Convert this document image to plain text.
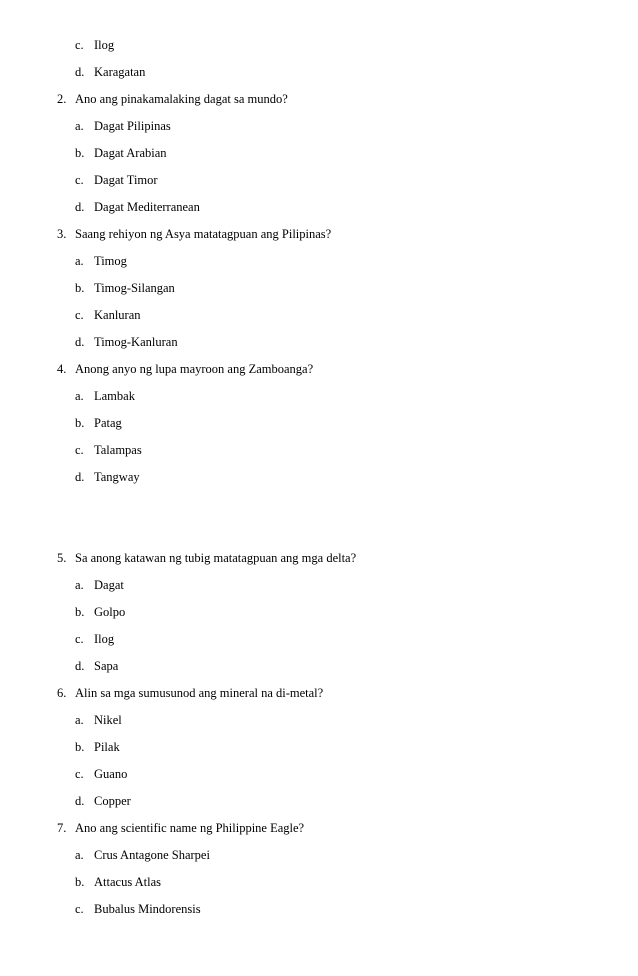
c. Ilog
d. Karagatan
2. Ano ang pinakamalaking dagat sa mundo?
a. Dagat Pilipinas
b. Dagat Arabian
c. Dagat Timor
d. Dagat Mediterranean
3. Saang rehiyon ng Asya matatagpuan ang Pilipinas?
a. Timog
b. Timog-Silangan
c. Kanluran
d. Timog-Kanluran
4. Anong anyo ng lupa mayroon ang Zamboanga?
a. Lambak
b. Patag
c. Talampas
d. Tangway
5. Sa anong katawan ng tubig matatagpuan ang mga delta?
a. Dagat
b. Golpo
c. Ilog
d. Sapa
6. Alin sa mga sumusunod ang mineral na di-metal?
a. Nikel
b. Pilak
c. Guano
d. Copper
7. Ano ang scientific name ng Philippine Eagle?
a. Crus Antagone Sharpei
b. Attacus Atlas
c. Bubalus Mindorensis
